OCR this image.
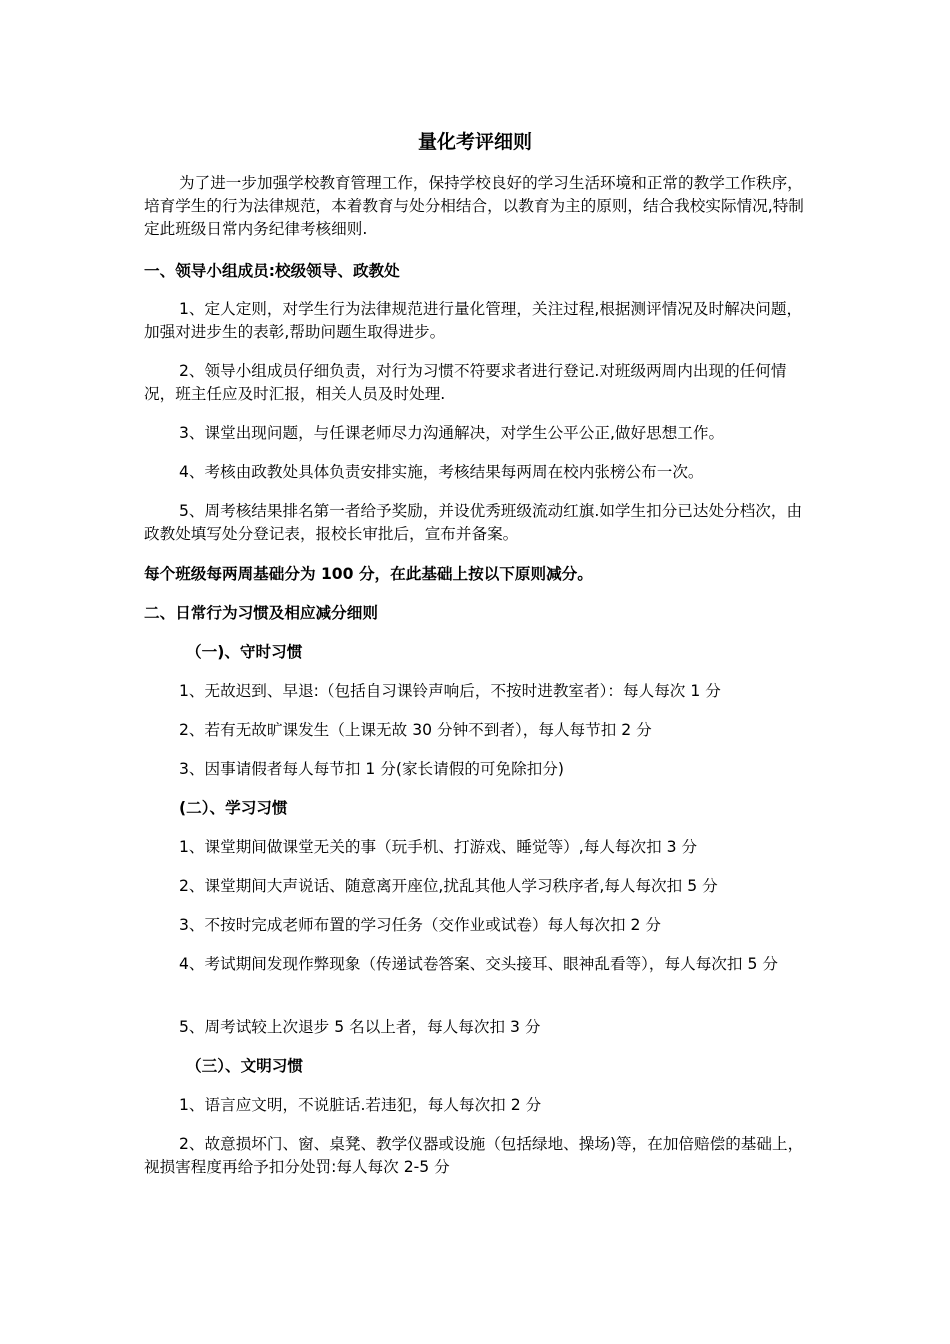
量化考评细则
为了进一步加强学校教育管理工作，保持学校良好的学习生活环境和正常的教学工作秩序，培育学生的行为法律规范，本着教育与处分相结合，以教育为主的原则，结合我校实际情况,特制定此班级日常内务纪律考核细则.
一、领导小组成员:校级领导、政教处
1、定人定则，对学生行为法律规范进行量化管理，关注过程,根据测评情况及时解决问题，加强对进步生的表彰,帮助问题生取得进步。
2、领导小组成员仔细负责，对行为习惯不符要求者进行登记.对班级两周内出现的任何情况，班主任应及时汇报，相关人员及时处理.
3、课堂出现问题，与任课老师尽力沟通解决，对学生公平公正,做好思想工作。
4、考核由政教处具体负责安排实施，考核结果每两周在校内张榜公布一次。
5、周考核结果排名第一者给予奖励，并设优秀班级流动红旗.如学生扣分已达处分档次，由政教处填写处分登记表，报校长审批后，宣布并备案。
每个班级每两周基础分为 100 分，在此基础上按以下原则减分。
二、日常行为习惯及相应减分细则
（一)、守时习惯
1、无故迟到、早退:（包括自习课铃声响后，不按时进教室者）：每人每次 1 分
2、若有无故旷课发生（上课无故 30 分钟不到者），每人每节扣 2 分
3、因事请假者每人每节扣 1 分(家长请假的可免除扣分)
(二）、学习习惯
1、课堂期间做课堂无关的事（玩手机、打游戏、睡觉等）,每人每次扣 3 分
2、课堂期间大声说话、随意离开座位,扰乱其他人学习秩序者,每人每次扣 5 分
3、不按时完成老师布置的学习任务（交作业或试卷）每人每次扣 2 分
4、考试期间发现作弊现象（传递试卷答案、交头接耳、眼神乱看等），每人每次扣 5 分
5、周考试较上次退步 5 名以上者，每人每次扣 3 分
（三）、文明习惯
1、语言应文明，不说脏话.若违犯，每人每次扣 2 分
2、故意损坏门、窗、桌凳、教学仪器或设施（包括绿地、操场)等，在加倍赔偿的基础上，视损害程度再给予扣分处罚:每人每次 2-5 分
